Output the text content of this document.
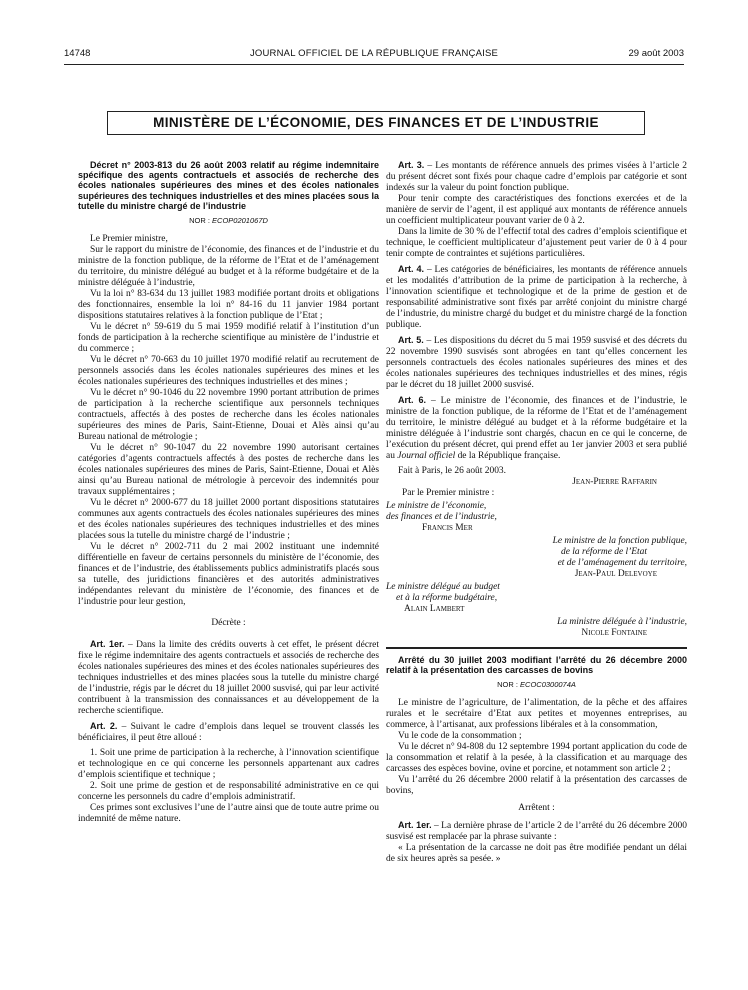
14748	JOURNAL OFFICIEL DE LA RÉPUBLIQUE FRANÇAISE	29 août 2003
MINISTÈRE DE L’ÉCONOMIE, DES FINANCES ET DE L’INDUSTRIE

Décret n° 2003-813 du 26 août 2003 relatif au régime indemnitaire spécifique des agents contractuels et associés de recherche des écoles nationales supérieures des mines et des écoles nationales supérieures des techniques industrielles et des mines placées sous la tutelle du ministre chargé de l’industrie

NOR : ECOP0201067D

Le Premier ministre,

Sur le rapport du ministre de l’économie, des finances et de l’industrie et du ministre de la fonction publique, de la réforme de l’Etat et de l’aménagement du territoire, du ministre délégué au budget et à la réforme budgétaire et de la ministre déléguée à l’industrie,

Vu la loi n° 83-634 du 13 juillet 1983 modifiée portant droits et obligations des fonctionnaires, ensemble la loi n° 84-16 du 11 janvier 1984 portant dispositions statutaires relatives à la fonction publique de l’Etat ;

Vu le décret n° 59-619 du 5 mai 1959 modifié relatif à l’institution d’un fonds de participation à la recherche scientifique au ministère de l’industrie et du commerce ;

Vu le décret n° 70-663 du 10 juillet 1970 modifié relatif au recrutement de personnels associés dans les écoles nationales supérieures des mines et les écoles nationales supérieures des techniques industrielles et des mines ;

Vu le décret n° 90-1046 du 22 novembre 1990 portant attribution de primes de participation à la recherche scientifique aux personnels techniques contractuels, affectés à des postes de recherche dans les écoles nationales supérieures des mines de Paris, Saint-Etienne, Douai et Alès ainsi qu’au Bureau national de métrologie ;

Vu le décret n° 90-1047 du 22 novembre 1990 autorisant certaines catégories d’agents contractuels affectés à des postes de recherche dans les écoles nationales supérieures des mines de Paris, Saint-Etienne, Douai et Alès ainsi qu’au Bureau national de métrologie à percevoir des indemnités pour travaux supplémentaires ;

Vu le décret n° 2000-677 du 18 juillet 2000 portant dispositions statutaires communes aux agents contractuels des écoles nationales supérieures des mines et des écoles nationales supérieures des techniques industrielles et des mines placées sous la tutelle du ministre chargé de l’industrie ;

Vu le décret n° 2002-711 du 2 mai 2002 instituant une indemnité différentielle en faveur de certains personnels du ministère de l’économie, des finances et de l’industrie, des établissements publics administratifs placés sous sa tutelle, des juridictions financières et des autorités administratives indépendantes relevant du ministère de l’économie, des finances et de l’industrie pour leur gestion,

Décrète :

Art. 1er. – Dans la limite des crédits ouverts à cet effet, le présent décret fixe le régime indemnitaire des agents contractuels et associés de recherche des écoles nationales supérieures des mines et des écoles nationales supérieures des techniques industrielles et des mines placées sous la tutelle du ministre chargé de l’industrie, régis par le décret du 18 juillet 2000 susvisé, qui par leur activité contribuent à la transmission des connaissances et au développement de la recherche scientifique.

Art. 2. – Suivant le cadre d’emplois dans lequel se trouvent classés les bénéficiaires, il peut être alloué :

1. Soit une prime de participation à la recherche, à l’innovation scientifique et technologique en ce qui concerne les personnels appartenant aux cadres d’emplois scientifique et technique ;

2. Soit une prime de gestion et de responsabilité administrative en ce qui concerne les personnels du cadre d’emplois administratif.

Ces primes sont exclusives l’une de l’autre ainsi que de toute autre prime ou indemnité de même nature.

Art. 3. – Les montants de référence annuels des primes visées à l’article 2 du présent décret sont fixés pour chaque cadre d’emplois par catégorie et sont indexés sur la valeur du point fonction publique.

Pour tenir compte des caractéristiques des fonctions exercées et de la manière de servir de l’agent, il est appliqué aux montants de référence annuels un coefficient multiplicateur pouvant varier de 0 à 2.

Dans la limite de 30 % de l’effectif total des cadres d’emplois scientifique et technique, le coefficient multiplicateur d’ajustement peut varier de 0 à 4 pour tenir compte de contraintes et sujétions particulières.

Art. 4. – Les catégories de bénéficiaires, les montants de référence annuels et les modalités d’attribution de la prime de participation à la recherche, à l’innovation scientifique et technologique et de la prime de gestion et de responsabilité administrative sont fixés par arrêté conjoint du ministre chargé de l’industrie, du ministre chargé du budget et du ministre chargé de la fonction publique.

Art. 5. – Les dispositions du décret du 5 mai 1959 susvisé et des décrets du 22 novembre 1990 susvisés sont abrogées en tant qu’elles concernent les personnels contractuels des écoles nationales supérieures des mines et des écoles nationales supérieures des techniques industrielles et des mines, régis par le décret du 18 juillet 2000 susvisé.

Art. 6. – Le ministre de l’économie, des finances et de l’industrie, le ministre de la fonction publique, de la réforme de l’Etat et de l’aménagement du territoire, le ministre délégué au budget et à la réforme budgétaire et la ministre déléguée à l’industrie sont chargés, chacun en ce qui le concerne, de l’exécution du présent décret, qui prend effet au 1er janvier 2003 et sera publié au Journal officiel de la République française.

Fait à Paris, le 26 août 2003.

Jean-Pierre Raffarin

Par le Premier ministre :

Le ministre de l’économie,

des finances et de l’industrie,

Francis Mer

Le ministre de la fonction publique,

de la réforme de l’Etat

et de l’aménagement du territoire,

Jean-Paul Delevoye

Le ministre délégué au budget

et à la réforme budgétaire,

Alain Lambert

La ministre déléguée à l’industrie,

Nicole Fontaine

Arrêté du 30 juillet 2003 modifiant l’arrêté du 26 décembre 2000 relatif à la présentation des carcasses de bovins

NOR : ECOC0300074A

Le ministre de l’agriculture, de l’alimentation, de la pêche et des affaires rurales et le secrétaire d’Etat aux petites et moyennes entreprises, au commerce, à l’artisanat, aux professions libérales et à la consommation,

Vu le code de la consommation ;

Vu le décret n° 94-808 du 12 septembre 1994 portant application du code de la consommation et relatif à la pesée, à la classification et au marquage des carcasses des espèces bovine, ovine et porcine, et notamment son article 2 ;

Vu l’arrêté du 26 décembre 2000 relatif à la présentation des carcasses de bovins,

Arrêtent :

Art. 1er. – La dernière phrase de l’article 2 de l’arrêté du 26 décembre 2000 susvisé est remplacée par la phrase suivante :

« La présentation de la carcasse ne doit pas être modifiée pendant un délai de six heures après sa pesée. »
